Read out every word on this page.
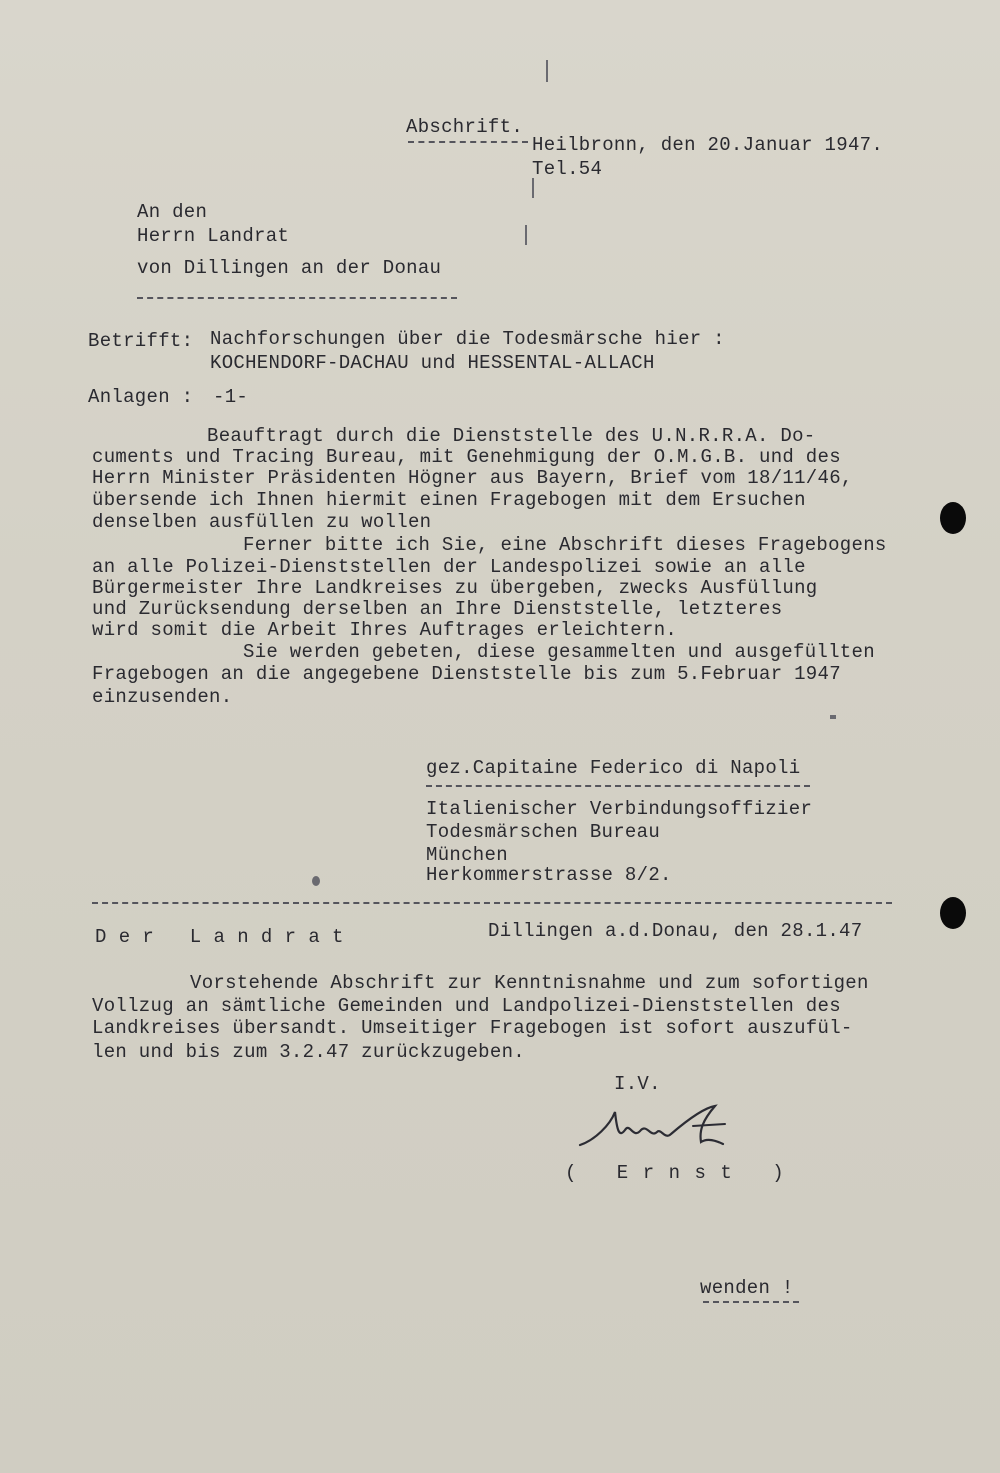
Abschrift.
Heilbronn, den 20.Januar 1947.
Tel.54
An den
Herrn Landrat
von Dillingen an der Donau
Betrifft: Nachforschungen über die Todesmärsche hier :
KOCHENDORF-DACHAU und HESSENTAL-ALLACH
Anlagen : -1-
Beauftragt durch die Dienststelle des U.N.R.R.A. Do-
cuments und Tracing Bureau, mit Genehmigung der O.M.G.B. und des
Herrn Minister Präsidenten Högner aus Bayern, Brief vom 18/11/46,
übersende ich Ihnen hiermit einen Fragebogen mit dem Ersuchen
denselben ausfüllen zu wollen
Ferner bitte ich Sie, eine Abschrift dieses Fragebogens
an alle Polizei-Dienststellen der Landespolizei sowie an alle
Bürgermeister Ihre Landkreises zu übergeben, zwecks Ausfüllung
und Zurücksendung derselben an Ihre Dienststelle, letzteres
wird somit die Arbeit Ihres Auftrages erleichtern.
Sie werden gebeten, diese gesammelten und ausgefüllten
Fragebogen an die angegebene Dienststelle bis zum 5.Februar 1947
einzusenden.
gez.Capitaine Federico di Napoli
Italienischer Verbindungsoffizier
Todesmärschen Bureau
München
Herkommerstrasse 8/2.
Der Landrat	Dillingen a.d.Donau, den 28.1.47
Vorstehende Abschrift zur Kenntnisnahme und zum sofortigen
Vollzug an sämtliche Gemeinden und Landpolizei-Dienststellen des
Landkreises übersandt. Umseitiger Fragebogen ist sofort auszufül-
len und bis zum 3.2.47 zurückzugeben.
I.V.
( Ernst )
wenden !
